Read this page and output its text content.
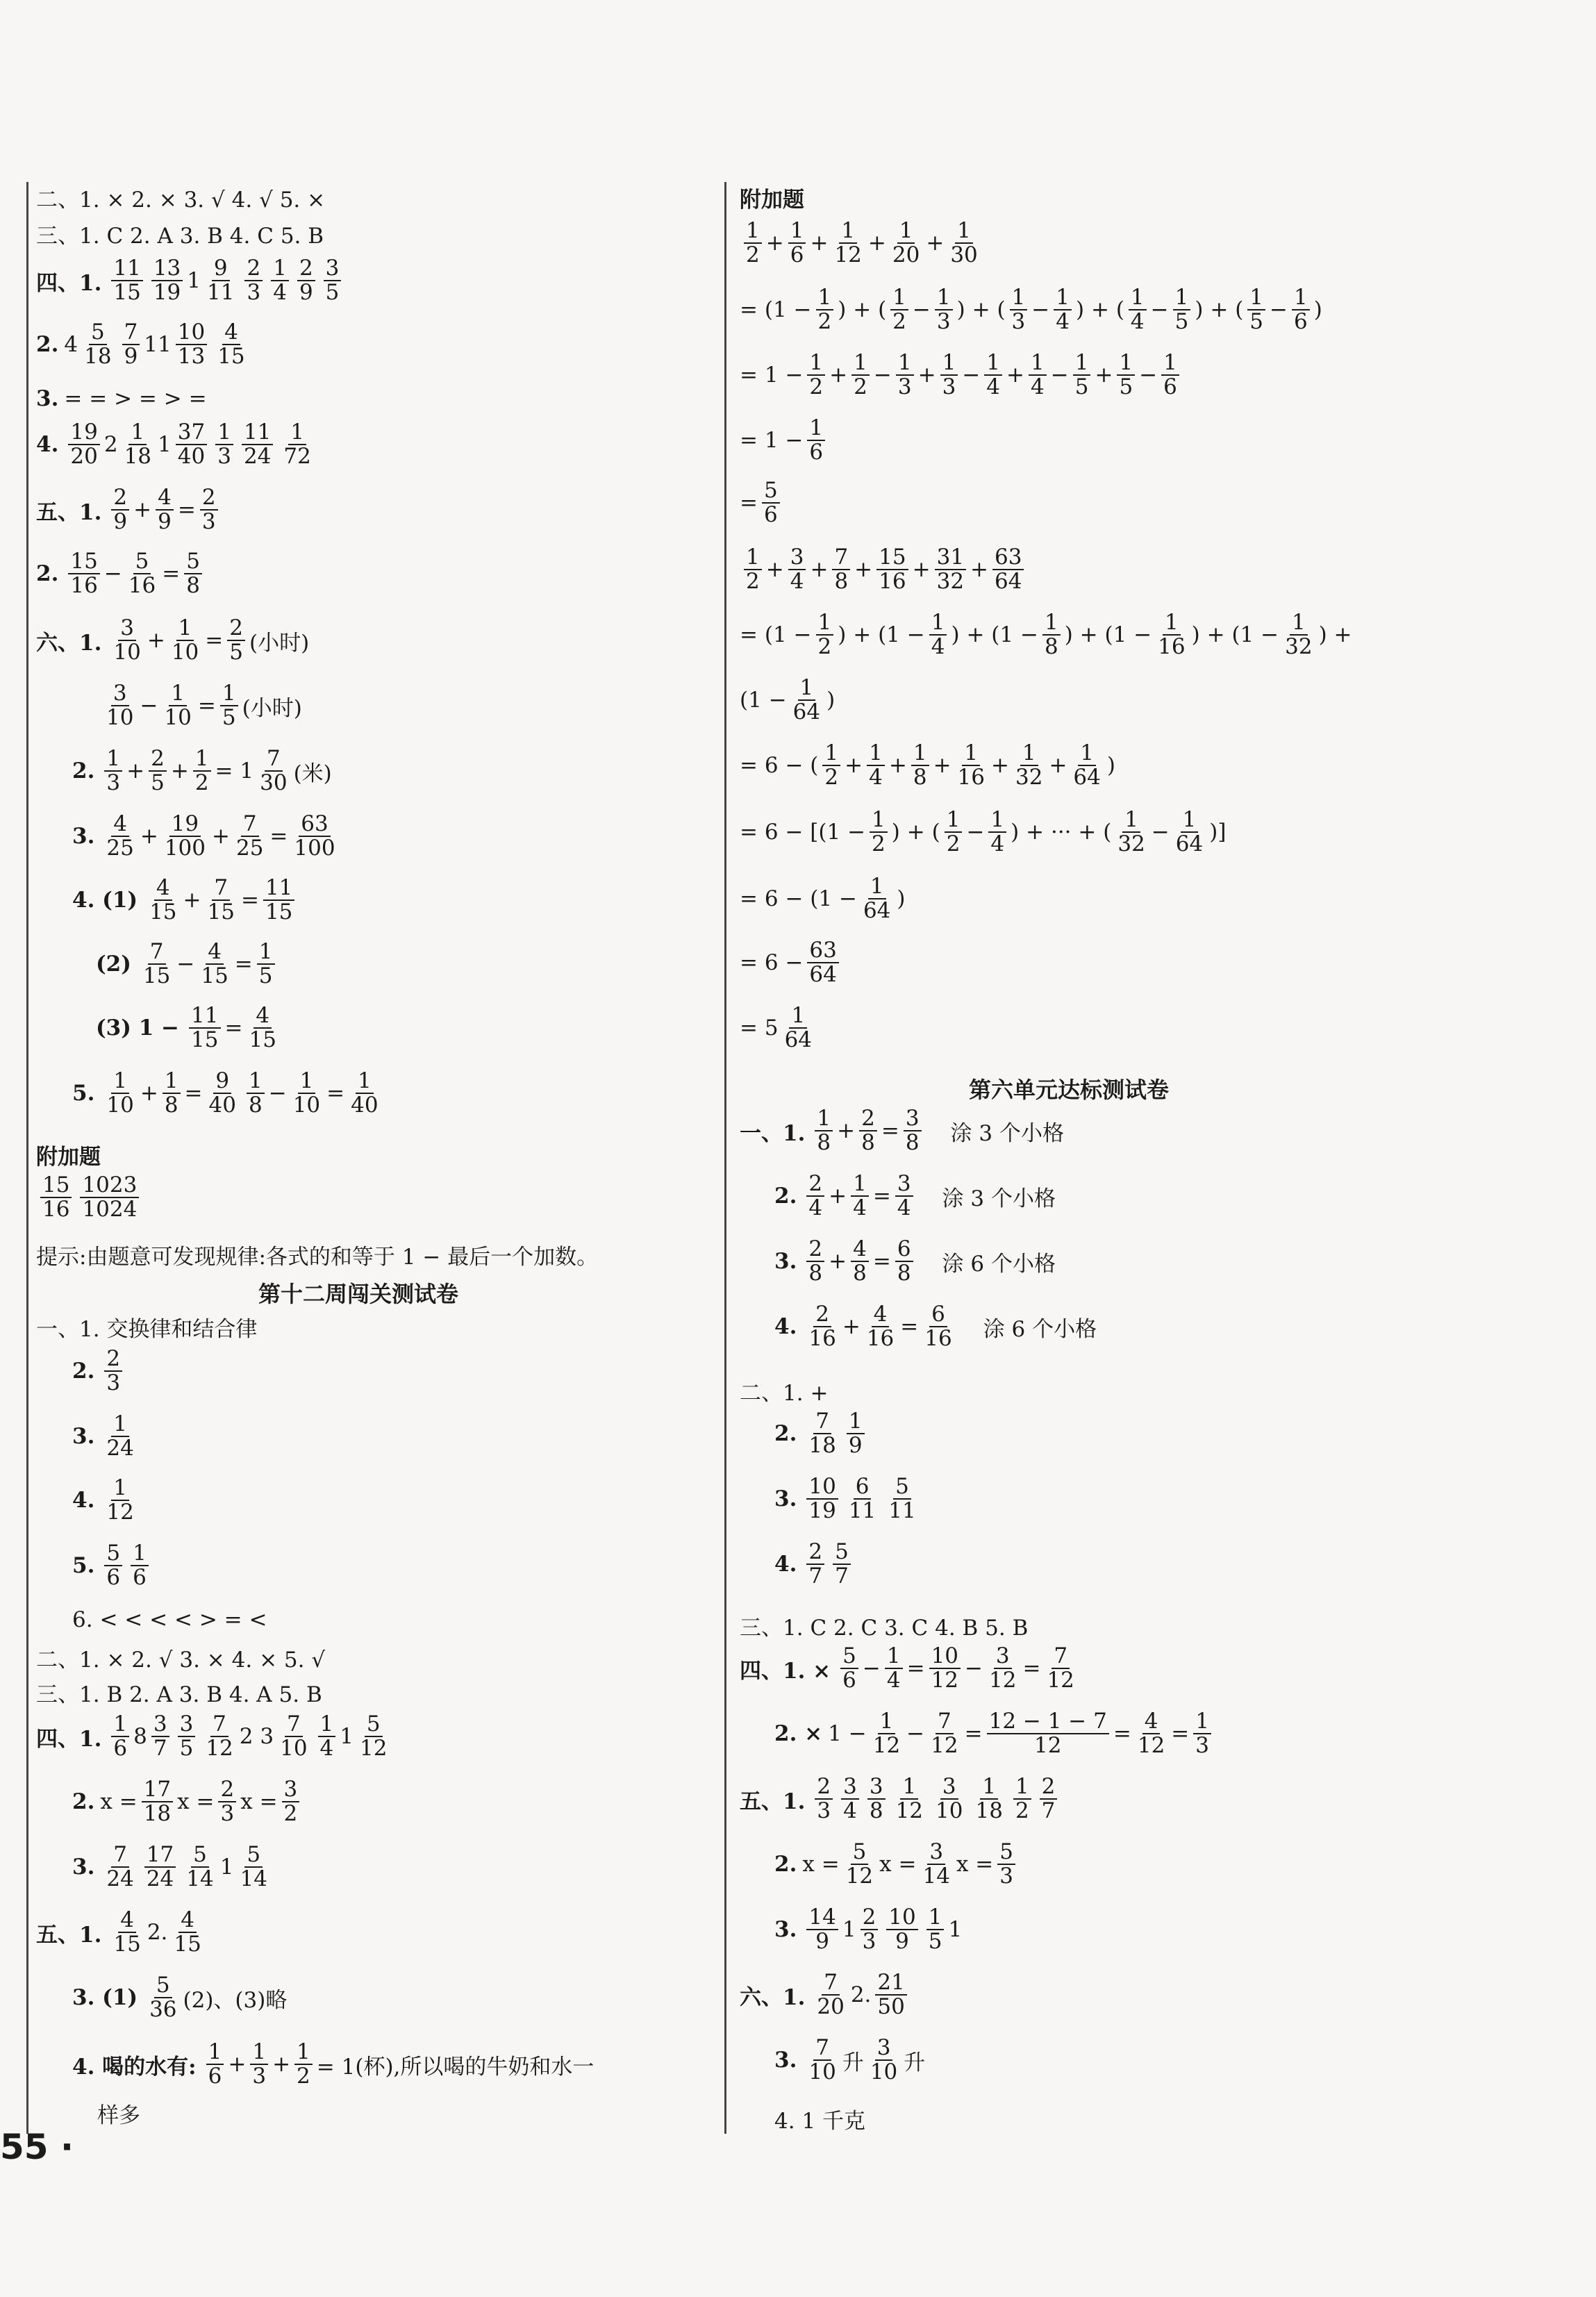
二、1. × 2. × 3. √ 4. √ 5. ×
三、1. C 2. A 3. B 4. C 5. B
四、1. $\frac{11}{15} \frac{13}{19} 1 \frac{9}{11} \frac{2}{3} \frac{1}{4} \frac{2}{9} \frac{3}{5}$
2. $4 \frac{5}{18} \frac{7}{9} 11 \frac{10}{13} \frac{4}{15}$
3. = = > = > =
4. $\frac{19}{20} 2 \frac{1}{18} 1 \frac{37}{40} \frac{1}{3} \frac{11}{24} \frac{1}{72}$
五、1. $\frac{2}{9} + \frac{4}{9} = \frac{2}{3}$
2. $\frac{15}{16} - \frac{5}{16} = \frac{5}{8}$
六、1. $\frac{3}{10} + \frac{1}{10} = \frac{2}{5}$ (小时)
$\frac{3}{10} - \frac{1}{10} = \frac{1}{5}$ (小时)
2. $\frac{1}{3} + \frac{2}{5} + \frac{1}{2} = 1 \frac{7}{30}$ (米)
3. $\frac{4}{25} + \frac{19}{100} + \frac{7}{25} = \frac{63}{100}$
4. $(1) \frac{4}{15} + \frac{7}{15} = \frac{11}{15}$
$(2) \frac{7}{15} - \frac{4}{15} = \frac{1}{5}$
(3) $1 - \frac{11}{15} = \frac{4}{15}$
5. $\frac{1}{10} + \frac{1}{8} = \frac{9}{40} \frac{1}{8} - \frac{1}{10} = \frac{1}{40}$
附加题
$\frac{15}{16} \frac{1023}{1024}$
提示:由题意可发现规律:各式的和等于 1 − 最后一个加数。
第十二周闯关测试卷
一、1. 交换律和结合律
2. $\frac{2}{3}$
3. $\frac{1}{24}$
4. $\frac{1}{12}$
5. $\frac{5}{6} \frac{1}{6}$
6. < < < < > = <
二、1. × 2. √ 3. × 4. × 5. √
三、1. B 2. A 3. B 4. A 5. B
四、1. $\frac{1}{6} 8 \frac{3}{7} \frac{3}{5} \frac{7}{12} 2$ $3 \frac{7}{10} \frac{1}{4} 1 \frac{5}{12}$
2. $x = \frac{17}{18}$ $x = \frac{2}{3}$ $x = \frac{3}{2}$
3. $\frac{7}{24} \frac{17}{24} \frac{5}{14} 1 \frac{5}{14}$
五、1. $\frac{4}{15} 2$. $\frac{4}{15}$
3. $(1) \frac{5}{36} (2)$、(3)略
4. 喝的水有: $\frac{1}{6} + \frac{1}{3} + \frac{1}{2} = 1$(杯),所以喝的牛奶和水一
样多
附加题
$\frac{1}{2} + \frac{1}{6} + \frac{1}{12} + \frac{1}{20} + \frac{1}{30}$
= ($1 - \frac{1}{2}$ ) + ( $\frac{1}{2} - \frac{1}{3}$ ) + ( $\frac{1}{3} - \frac{1}{4}$ ) + ( $\frac{1}{4} - \frac{1}{5}$ ) + ( $\frac{1}{5} - \frac{1}{6}$ )
= $1 - \frac{1}{2} + \frac{1}{2} - \frac{1}{3} + \frac{1}{3} - \frac{1}{4} + \frac{1}{4} - \frac{1}{5} + \frac{1}{5} - \frac{1}{6}$
= $1 - \frac{1}{6}$
= $\frac{5}{6}$
$\frac{1}{2} + \frac{3}{4} + \frac{7}{8} + \frac{15}{16} + \frac{31}{32} + \frac{63}{64}$
= ($1 - \frac{1}{2}$ ) + ($1 - \frac{1}{4}$ ) + ($1 - \frac{1}{8}$ ) + ($1 - \frac{1}{16}$ ) + ($1 - \frac{1}{32}$ ) +
($1 - \frac{1}{64}$ )
= 6 − ( $\frac{1}{2} + \frac{1}{4} + \frac{1}{8} + \frac{1}{16} + \frac{1}{32} + \frac{1}{64}$ )
= $6 - [(1 - \frac{1}{2}$ ) + ( $\frac{1}{2} - \frac{1}{4}$ ) + ··· + ( $\frac{1}{32} - \frac{1}{64}$ )]
= $6 - (1 - \frac{1}{64}$ )
= $6 - \frac{63}{64}$
= $5 \frac{1}{64}$
第六单元达标测试卷
一、1. $\frac{1}{8} + \frac{2}{8} = \frac{3}{8}$ 涂 3 个小格
2. $\frac{2}{4} + \frac{1}{4} = \frac{3}{4}$ 涂 3 个小格
3. $\frac{2}{8} + \frac{4}{8} = \frac{6}{8}$ 涂 6 个小格
4. $\frac{2}{16} + \frac{4}{16} = \frac{6}{16}$ 涂 6 个小格
二、1. +
2. $\frac{7}{18} \frac{1}{9}$
3. $\frac{10}{19} \frac{6}{11} \frac{5}{11}$
4. $\frac{2}{7} \frac{5}{7}$
三、1. C 2. C 3. C 4. B 5. B
四、1. × $\frac{5}{6} - \frac{1}{4} = \frac{10}{12} - \frac{3}{12} = \frac{7}{12}$
2. × $1 - \frac{1}{12} - \frac{7}{12} = \frac{12 - 1 - 7}{12} = \frac{4}{12} = \frac{1}{3}$
五、1. $\frac{2}{3} \frac{3}{4} \frac{3}{8} \frac{1}{12} \frac{3}{10} \frac{1}{18} \frac{1}{2} \frac{2}{7}$
2. $x = \frac{5}{12}$ $x = \frac{3}{14}$ $x = \frac{5}{3}$
3. $\frac{14}{9} 1 \frac{2}{3} \frac{10}{9} \frac{1}{5} 1$
六、1. $\frac{7}{20} 2$. $\frac{21}{50}$
3. $\frac{7}{10}$ 升 $\frac{3}{10}$ 升
4. 1 千克
55 ·
